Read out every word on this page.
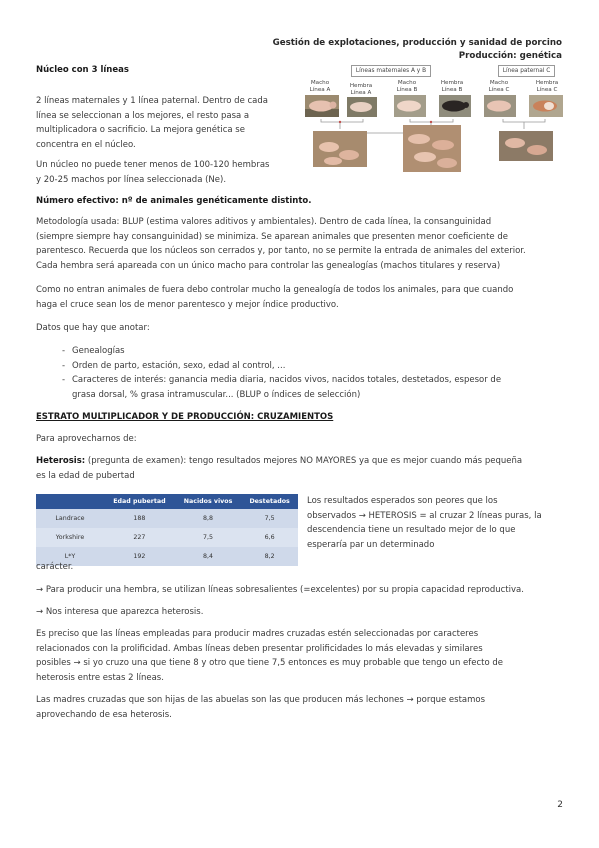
Gestión de explotaciones, producción y sanidad de porcino
Producción: genética
Núcleo con 3 líneas
2 líneas maternales y 1 línea paternal. Dentro de cada
línea se seleccionan a los mejores, el resto pasa a
multiplicadora o sacrificio. La mejora genética se
concentra en el núcleo.
Un núcleo no puede tener menos de 100-120 hembras
y 20-25 machos por línea seleccionada (Ne).
Líneas maternales A y B	Línea paternal C
Macho Línea A
Hembra Línea A
Macho Línea B
Hembra Línea B
Macho Línea C
Hembra Línea C
Número efectivo: nº de animales genéticamente distinto.
Metodología usada: BLUP (estima valores aditivos y ambientales). Dentro de cada línea, la consanguinidad
(siempre siempre hay consanguinidad) se minimiza. Se aparean animales que presenten menor coeficiente de
parentesco. Recuerda que los núcleos son cerrados y, por tanto, no se permite la entrada de animales del exterior.
Cada hembra será apareada con un único macho para controlar las genealogías (machos titulares y reserva)
Como no entran animales de fuera debo controlar mucho la genealogía de todos los animales, para que cuando
haga el cruce sean los de menor parentesco y mejor índice productivo.
Datos que hay que anotar:
- Genealogías
- Orden de parto, estación, sexo, edad al control, ...
- Caracteres de interés: ganancia media diaria, nacidos vivos, nacidos totales, destetados, espesor de
grasa dorsal, % grasa intramuscular... (BLUP o índices de selección)
ESTRATO MULTIPLICADOR Y DE PRODUCCIÓN: CRUZAMIENTOS
Para aprovecharnos de:
Heterosis: (pregunta de examen): tengo resultados mejores NO MAYORES ya que es mejor cuando más pequeña
es la edad de pubertad
	Edad pubertad	Nacidos vivos	Destetados
Landrace	188	8,8	7,5
Yorkshire	227	7,5	6,6
L*Y	192	8,4	8,2
Los resultados esperados son peores que los
observados → HETEROSIS = al cruzar 2 líneas puras, la
descendencia tiene un resultado mejor de lo que
esperaría par un determinado
carácter.
→ Para producir una hembra, se utilizan líneas sobresalientes (=excelentes) por su propia capacidad reproductiva.
→ Nos interesa que aparezca heterosis.
Es preciso que las líneas empleadas para producir madres cruzadas estén seleccionadas por caracteres
relacionados con la prolificidad. Ambas líneas deben presentar prolificidades lo más elevadas y similares
posibles → si yo cruzo una que tiene 8 y otro que tiene 7,5 entonces es muy probable que tengo un efecto de
heterosis entre estas 2 líneas.
Las madres cruzadas que son hijas de las abuelas son las que producen más lechones → porque estamos
aprovechando de esa heterosis.
2
